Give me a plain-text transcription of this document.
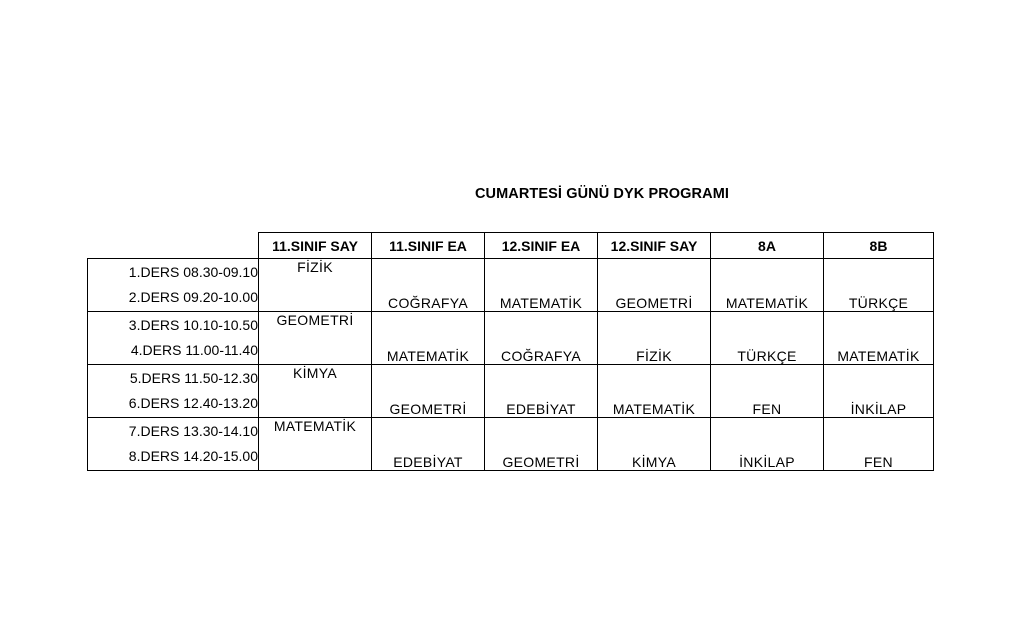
CUMARTESİ GÜNÜ DYK PROGRAMI
	11.SINIF SAY	11.SINIF EA	12.SINIF EA	12.SINIF SAY	8A	8B

1.DERS 08.30-09.10
2.DERS 09.20-10.00	FİZİK	COĞRAFYA	MATEMATİK	GEOMETRİ	MATEMATİK	TÜRKÇE

3.DERS 10.10-10.50
4.DERS 11.00-11.40	GEOMETRİ	MATEMATİK	COĞRAFYA	FİZİK	TÜRKÇE	MATEMATİK

5.DERS 11.50-12.30
6.DERS 12.40-13.20	KİMYA	GEOMETRİ	EDEBİYAT	MATEMATİK	FEN	İNKİLAP

7.DERS 13.30-14.10
8.DERS 14.20-15.00	MATEMATİK	EDEBİYAT	GEOMETRİ	KİMYA	İNKİLAP	FEN
